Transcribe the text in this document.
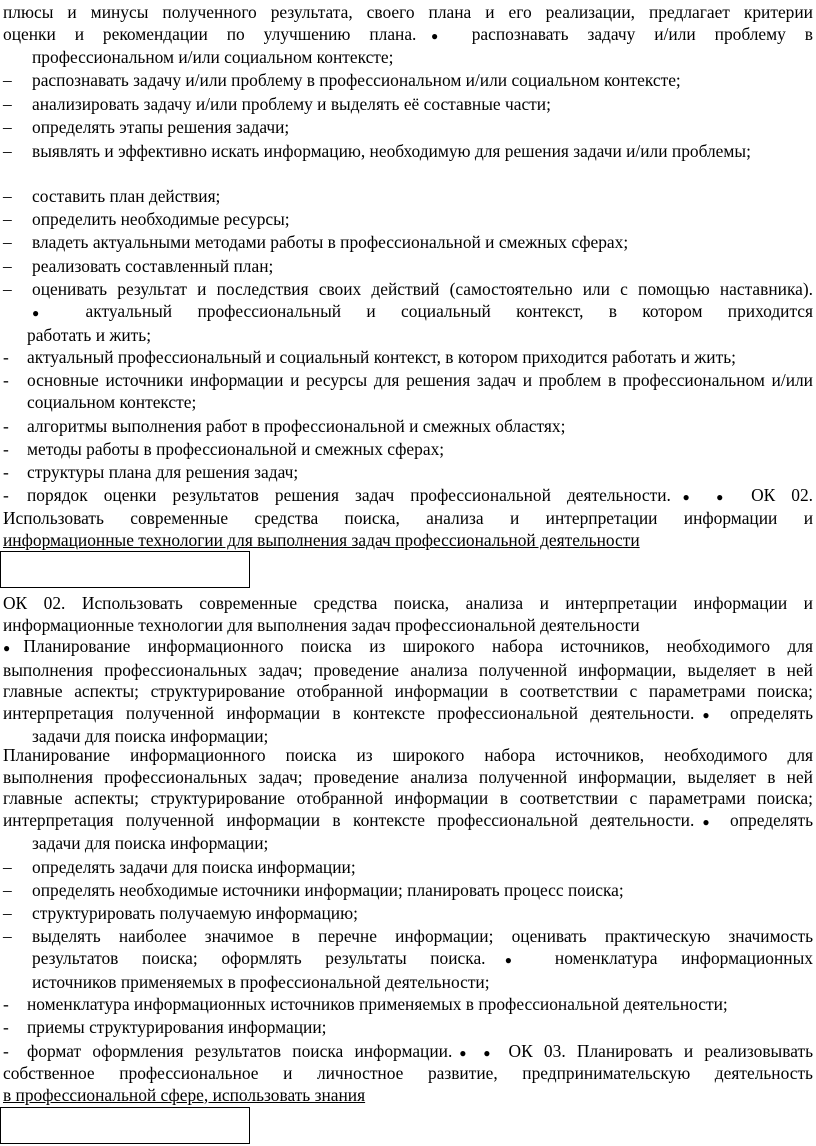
плюсы и минусы полученного результата, своего плана и его реализации, предлагает критерии

оценки и рекомендации по улучшению плана.● распознавать задачу и/или проблему в

профессиональном и/или социальном контексте;

– распознавать задачу и/или проблему в профессиональном и/или социальном контексте;
– анализировать задачу и/или проблему и выделять её составные части;
– определять этапы решения задачи;
– выявлять и эффективно искать информацию, необходимую для решения задачи и/или проблемы;
– составить план действия;
– определить необходимые ресурсы;
– владеть актуальными методами работы в профессиональной и смежных сферах;
– реализовать составленный план;
– оценивать результат и последствия своих действий (самостоятельно или с помощью наставника).

● актуальный профессиональный и социальный контекст, в котором приходится

работать и жить;

- актуальный профессиональный и социальный контекст, в котором приходится работать и жить;
- основные источники информации и ресурсы для решения задач и проблем в профессиональном и/или социальном контексте;
- алгоритмы выполнения работ в профессиональной и смежных областях;
- методы работы в профессиональной и смежных сферах;
- структуры плана для решения задач;
- порядок оценки результатов решения задач профессиональной деятельности.● ● ОК 02.

Использовать современные средства поиска, анализа и интерпретации информации и

информационные технологии для выполнения задач профессиональной деятельности

ОК 02. Использовать современные средства поиска, анализа и интерпретации информации и

информационные технологии для выполнения задач профессиональной деятельности

●Планирование информационного поиска из широкого набора источников, необходимого для

выполнения профессиональных задач; проведение анализа полученной информации, выделяет в ней

главные аспекты; структурирование отобранной информации в соответствии с параметрами поиска;

интерпретация полученной информации в контексте профессиональной деятельности.● определять

задачи для поиска информации;

Планирование информационного поиска из широкого набора источников, необходимого для

выполнения профессиональных задач; проведение анализа полученной информации, выделяет в ней

главные аспекты; структурирование отобранной информации в соответствии с параметрами поиска;

интерпретация полученной информации в контексте профессиональной деятельности.● определять

задачи для поиска информации;

– определять задачи для поиска информации;
– определять необходимые источники информации; планировать процесс поиска;
– структурировать получаемую информацию;
– выделять наиболее значимое в перечне информации; оценивать практическую значимость

результатов поиска; оформлять результаты поиска.● номенклатура информационных

источников применяемых в профессиональной деятельности;

- номенклатура информационных источников применяемых в профессиональной деятельности;
- приемы структурирования информации;
- формат оформления результатов поиска информации.● ● ОК 03. Планировать и реализовывать

собственное профессиональное и личностное развитие, предпринимательскую деятельность

в профессиональной сфере, использовать знания
